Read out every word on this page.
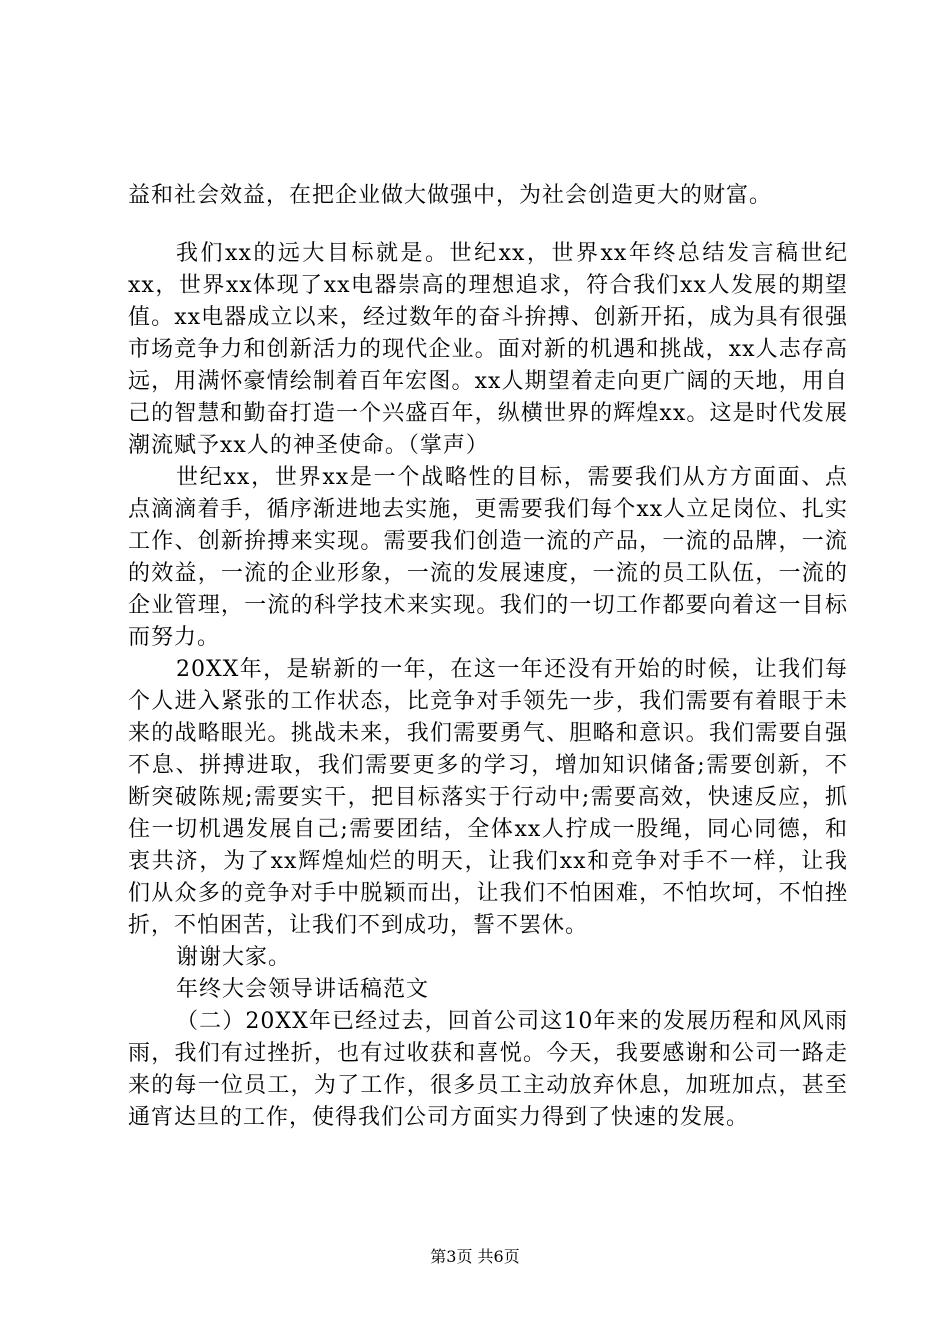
益和社会效益，在把企业做大做强中，为社会创造更大的财富。

我们xx的远大目标就是。世纪xx，世界xx年终总结发言稿世纪xx，世界xx体现了xx电器崇高的理想追求，符合我们xx人发展的期望值。xx电器成立以来，经过数年的奋斗拚搏、创新开拓，成为具有很强市场竞争力和创新活力的现代企业。面对新的机遇和挑战，xx人志存高远，用满怀豪情绘制着百年宏图。xx人期望着走向更广阔的天地，用自己的智慧和勤奋打造一个兴盛百年，纵横世界的辉煌xx。这是时代发展潮流赋予xx人的神圣使命。（掌声）

世纪xx，世界xx是一个战略性的目标，需要我们从方方面面、点点滴滴着手，循序渐进地去实施，更需要我们每个xx人立足岗位、扎实工作、创新拚搏来实现。需要我们创造一流的产品，一流的品牌，一流的效益，一流的企业形象，一流的发展速度，一流的员工队伍，一流的企业管理，一流的科学技术来实现。我们的一切工作都要向着这一目标而努力。

20XX年，是崭新的一年，在这一年还没有开始的时候，让我们每个人进入紧张的工作状态，比竞争对手领先一步，我们需要有着眼于未来的战略眼光。挑战未来，我们需要勇气、胆略和意识。我们需要自强不息、拼搏进取，我们需要更多的学习，增加知识储备;需要创新，不断突破陈规;需要实干，把目标落实于行动中;需要高效，快速反应，抓住一切机遇发展自己;需要团结，全体xx人拧成一股绳，同心同德，和衷共济，为了xx辉煌灿烂的明天，让我们xx和竞争对手不一样，让我们从众多的竞争对手中脱颖而出，让我们不怕困难，不怕坎坷，不怕挫折，不怕困苦，让我们不到成功，誓不罢休。

谢谢大家。

年终大会领导讲话稿范文

（二）20XX年已经过去，回首公司这10年来的发展历程和风风雨雨，我们有过挫折，也有过收获和喜悦。今天，我要感谢和公司一路走来的每一位员工，为了工作，很多员工主动放弃休息，加班加点，甚至通宵达旦的工作，使得我们公司方面实力得到了快速的发展。

第3页 共6页
